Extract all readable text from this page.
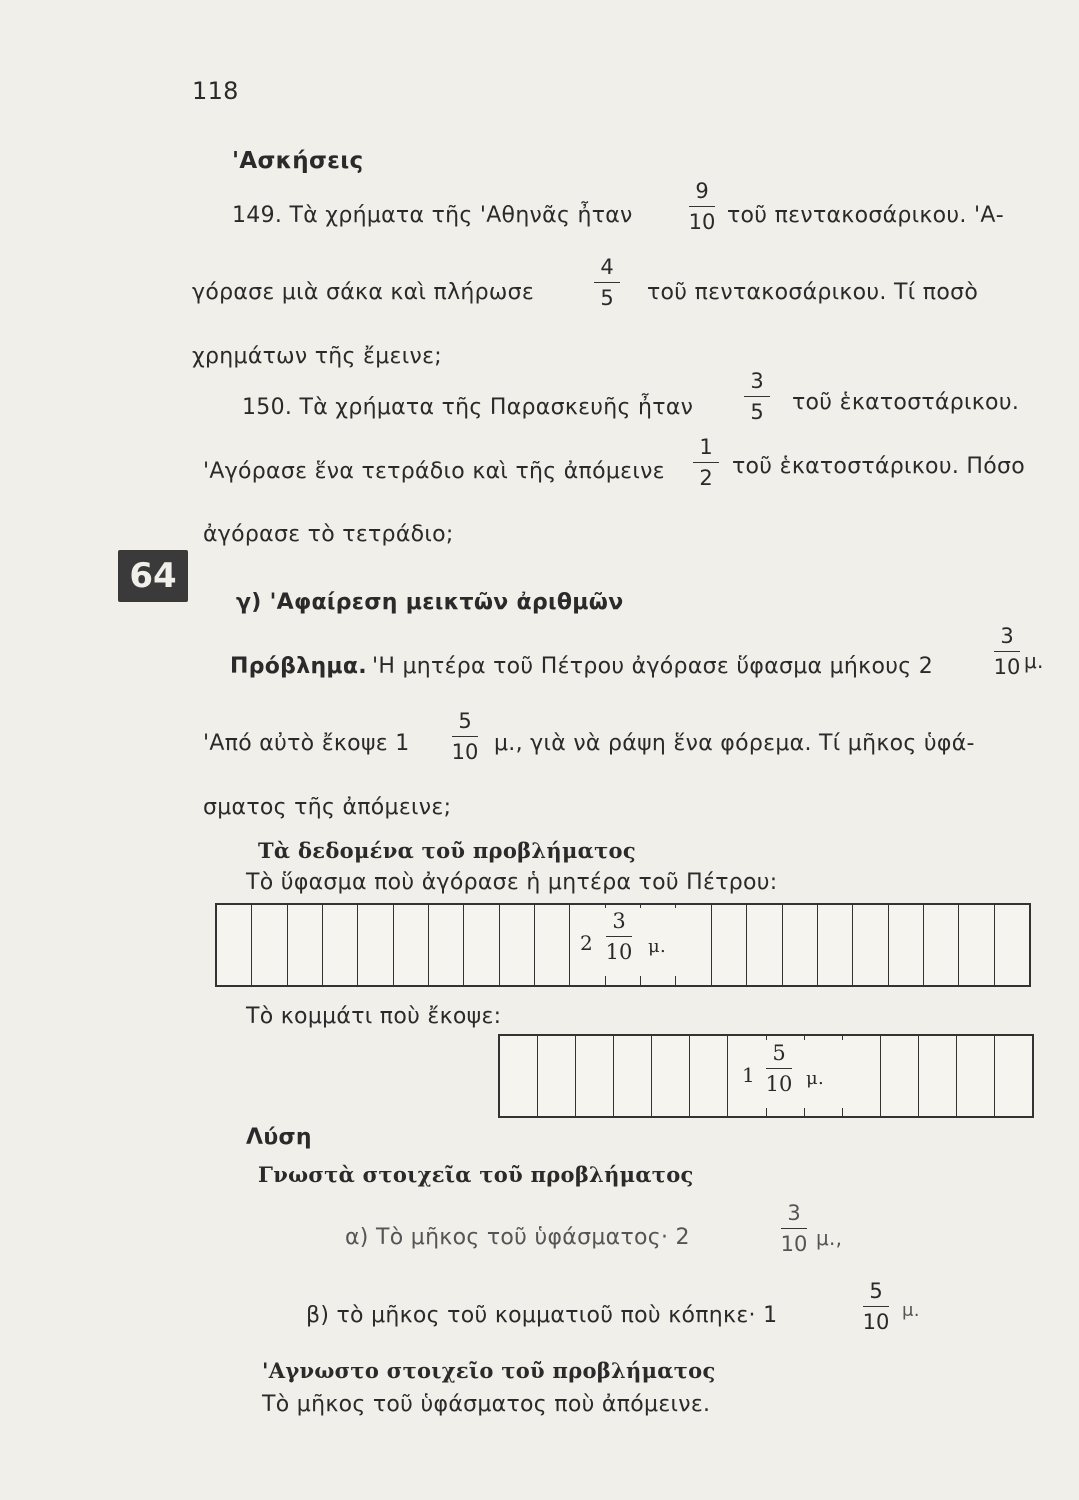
118
'Ασκήσεις
149. Τὰ χρήματα τῆς 'Αθηνᾶς ἦταν
9
10 τοῦ πεντακοσάρικου. 'Α-
γόρασε μιὰ σάκα καὶ πλήρωσε
4
5	τοῦ πεντακοσάρικου. Τί ποσὸ
χρημάτων τῆς ἔμεινε;
150. Τὰ χρήματα τῆς Παρασκευῆς ἦταν
3
5	τοῦ ἑκατοστάρικου.
'Αγόρασε ἕνα τετράδιο καὶ τῆς ἀπόμεινε
1
2 τοῦ ἑκατοστάρικου. Πόσο
ἀγόρασε τὸ τετράδιο;
64
γ) 'Αφαίρεση μεικτῶν ἀριθμῶν
Πρόβλημα. 'Η μητέρα τοῦ Πέτρου ἀγόρασε ὕφασμα μήκους 2
3
10 μ.
'Από αὐτὸ ἔκοψε 1
5
10 μ., γιὰ νὰ ράψη ἕνα φόρεμα. Τί μῆκος ὑφά-
σματος τῆς ἀπόμεινε;
Τὰ δεδομένα τοῦ προβλήματος
Τὸ ὕφασμα ποὺ ἀγόρασε ἡ μητέρα τοῦ Πέτρου:
2
3
10 μ.
Τὸ κομμάτι ποὺ ἔκοψε:
1
5
10 μ.
Λύση
Γνωστὰ στοιχεῖα τοῦ προβλήματος
α) Τὸ μῆκος τοῦ ὑφάσματος· 2
3
10 μ.,
β) τὸ μῆκος τοῦ κομματιοῦ ποὺ κόπηκε· 1
5
10 μ.
'Αγνωστο στοιχεῖο τοῦ προβλήματος
Τὸ μῆκος τοῦ ὑφάσματος ποὺ ἀπόμεινε.
